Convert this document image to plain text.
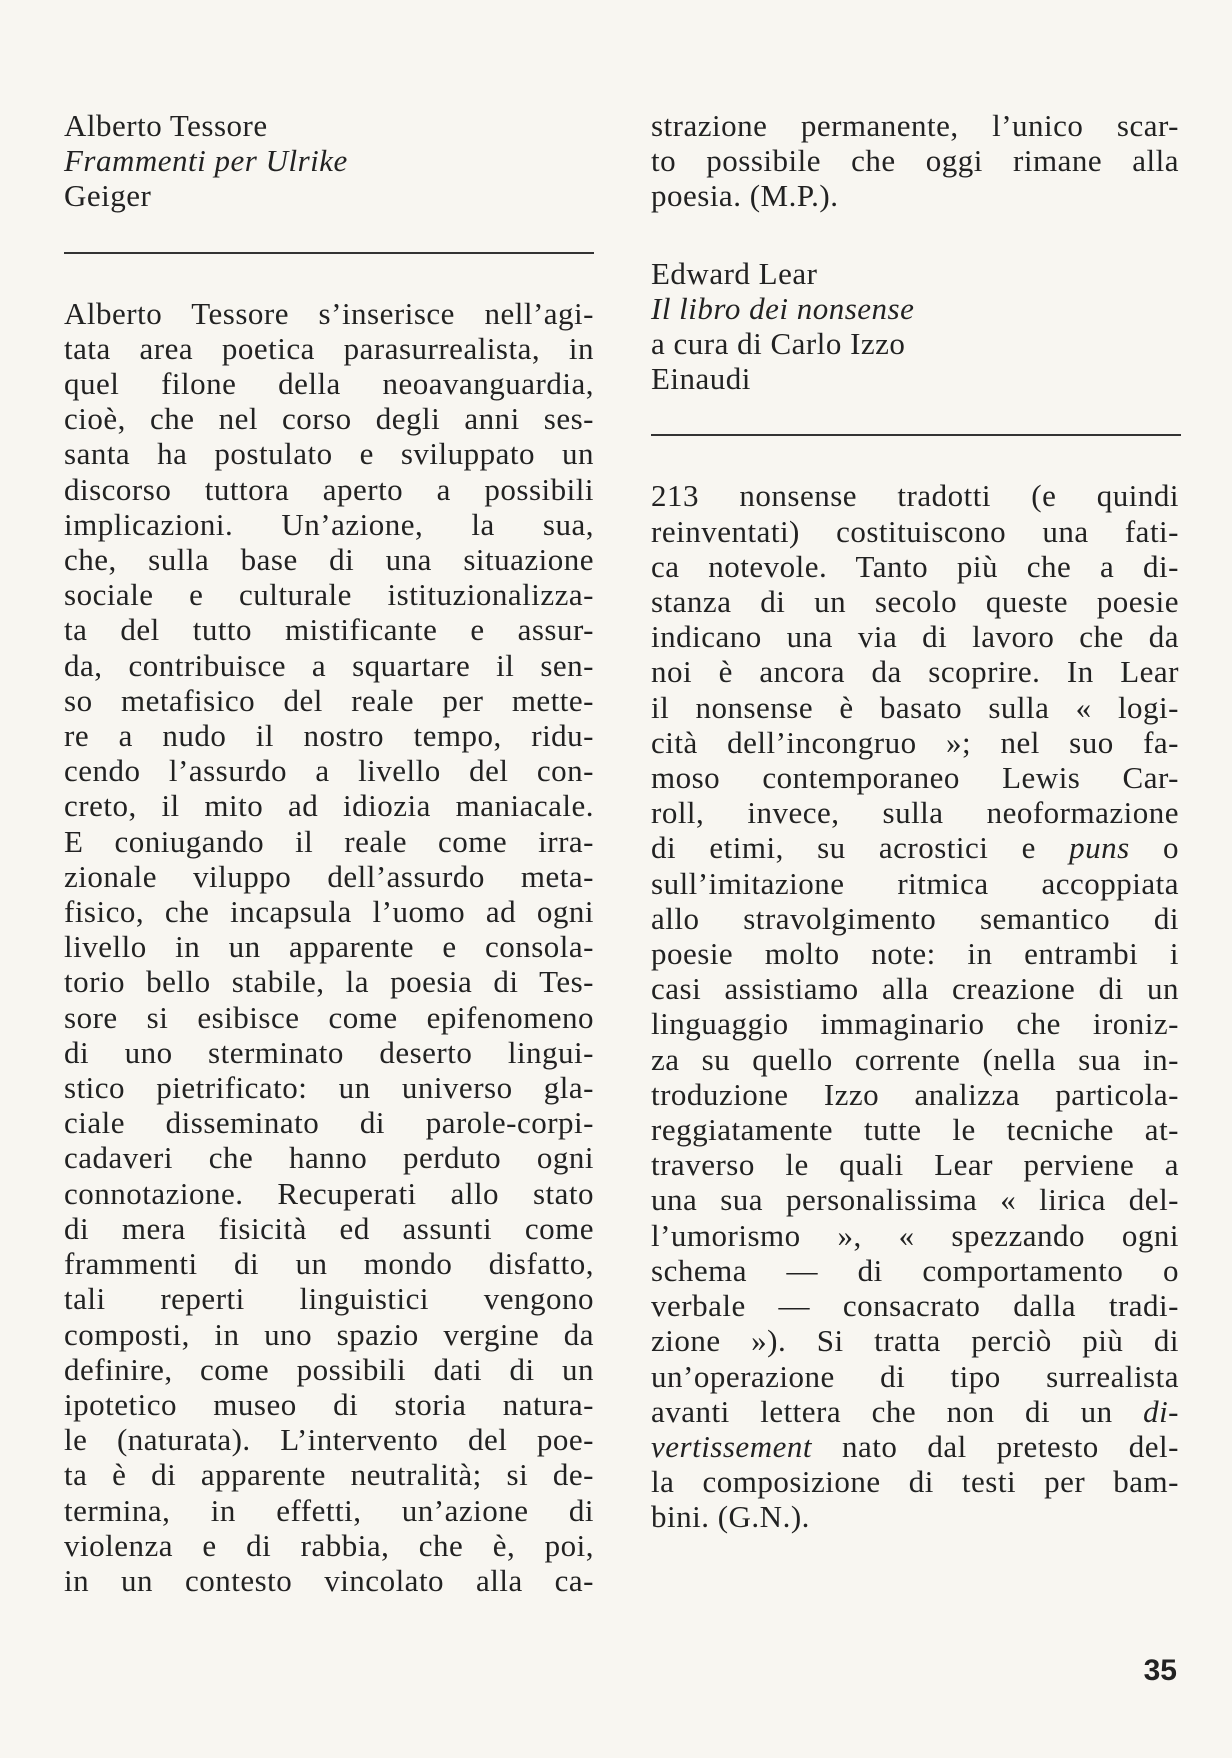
Alberto Tessore
Frammenti per Ulrike
Geiger
Alberto Tessore s’inserisce nell’agi-
tata area poetica parasurrealista, in
quel filone della neoavanguardia,
cioè, che nel corso degli anni ses-
santa ha postulato e sviluppato un
discorso tuttora aperto a possibili
implicazioni. Un’azione, la sua,
che, sulla base di una situazione
sociale e culturale istituzionalizza-
ta del tutto mistificante e assur-
da, contribuisce a squartare il sen-
so metafisico del reale per mette-
re a nudo il nostro tempo, ridu-
cendo l’assurdo a livello del con-
creto, il mito ad idiozia maniacale.
E coniugando il reale come irra-
zionale viluppo dell’assurdo meta-
fisico, che incapsula l’uomo ad ogni
livello in un apparente e consola-
torio bello stabile, la poesia di Tes-
sore si esibisce come epifenomeno
di uno sterminato deserto lingui-
stico pietrificato: un universo gla-
ciale disseminato di parole-corpi-
cadaveri che hanno perduto ogni
connotazione. Recuperati allo stato
di mera fisicità ed assunti come
frammenti di un mondo disfatto,
tali reperti linguistici vengono
composti, in uno spazio vergine da
definire, come possibili dati di un
ipotetico museo di storia natura-
le (naturata). L’intervento del poe-
ta è di apparente neutralità; si de-
termina, in effetti, un’azione di
violenza e di rabbia, che è, poi,
in un contesto vincolato alla ca-
strazione permanente, l’unico scar-
to possibile che oggi rimane alla
poesia. (M.P.).
Edward Lear
Il libro dei nonsense
a cura di Carlo Izzo
Einaudi
213 nonsense tradotti (e quindi
reinventati) costituiscono una fati-
ca notevole. Tanto più che a di-
stanza di un secolo queste poesie
indicano una via di lavoro che da
noi è ancora da scoprire. In Lear
il nonsense è basato sulla « logi-
cità dell’incongruo »; nel suo fa-
moso contemporaneo Lewis Car-
roll, invece, sulla neoformazione
di etimi, su acrostici e puns o
sull’imitazione ritmica accoppiata
allo stravolgimento semantico di
poesie molto note: in entrambi i
casi assistiamo alla creazione di un
linguaggio immaginario che ironiz-
za su quello corrente (nella sua in-
troduzione Izzo analizza particola-
reggiatamente tutte le tecniche at-
traverso le quali Lear perviene a
una sua personalissima « lirica del-
l’umorismo », « spezzando ogni
schema — di comportamento o
verbale — consacrato dalla tradi-
zione »). Si tratta perciò più di
un’operazione di tipo surrealista
avanti lettera che non di un di-
vertissement nato dal pretesto del-
la composizione di testi per bam-
bini. (G.N.).
35
